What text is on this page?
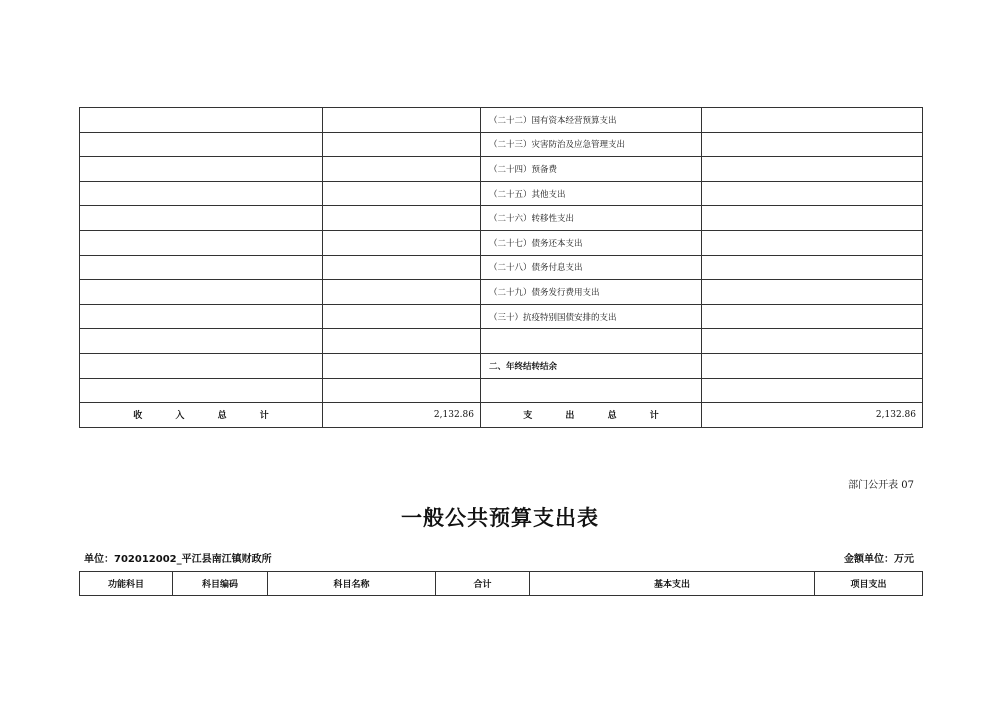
		（二十二）国有资本经营预算支出	
		（二十三）灾害防治及应急管理支出	
		（二十四）预备费	
		（二十五）其他支出	
		（二十六）转移性支出	
		（二十七）债务还本支出	
		（二十八）债务付息支出	
		（二十九）债务发行费用支出	
		（三十）抗疫特别国债安排的支出	

		二、年终结转结余	

收 入 总 计	2,132.86	支 出 总 计	2,132.86
部门公开表 07
一般公共预算支出表
单位：702012002_平江县南江镇财政所	金额单位：万元
功能科目	科目编码	科目名称	合计	基本支出	项目支出
